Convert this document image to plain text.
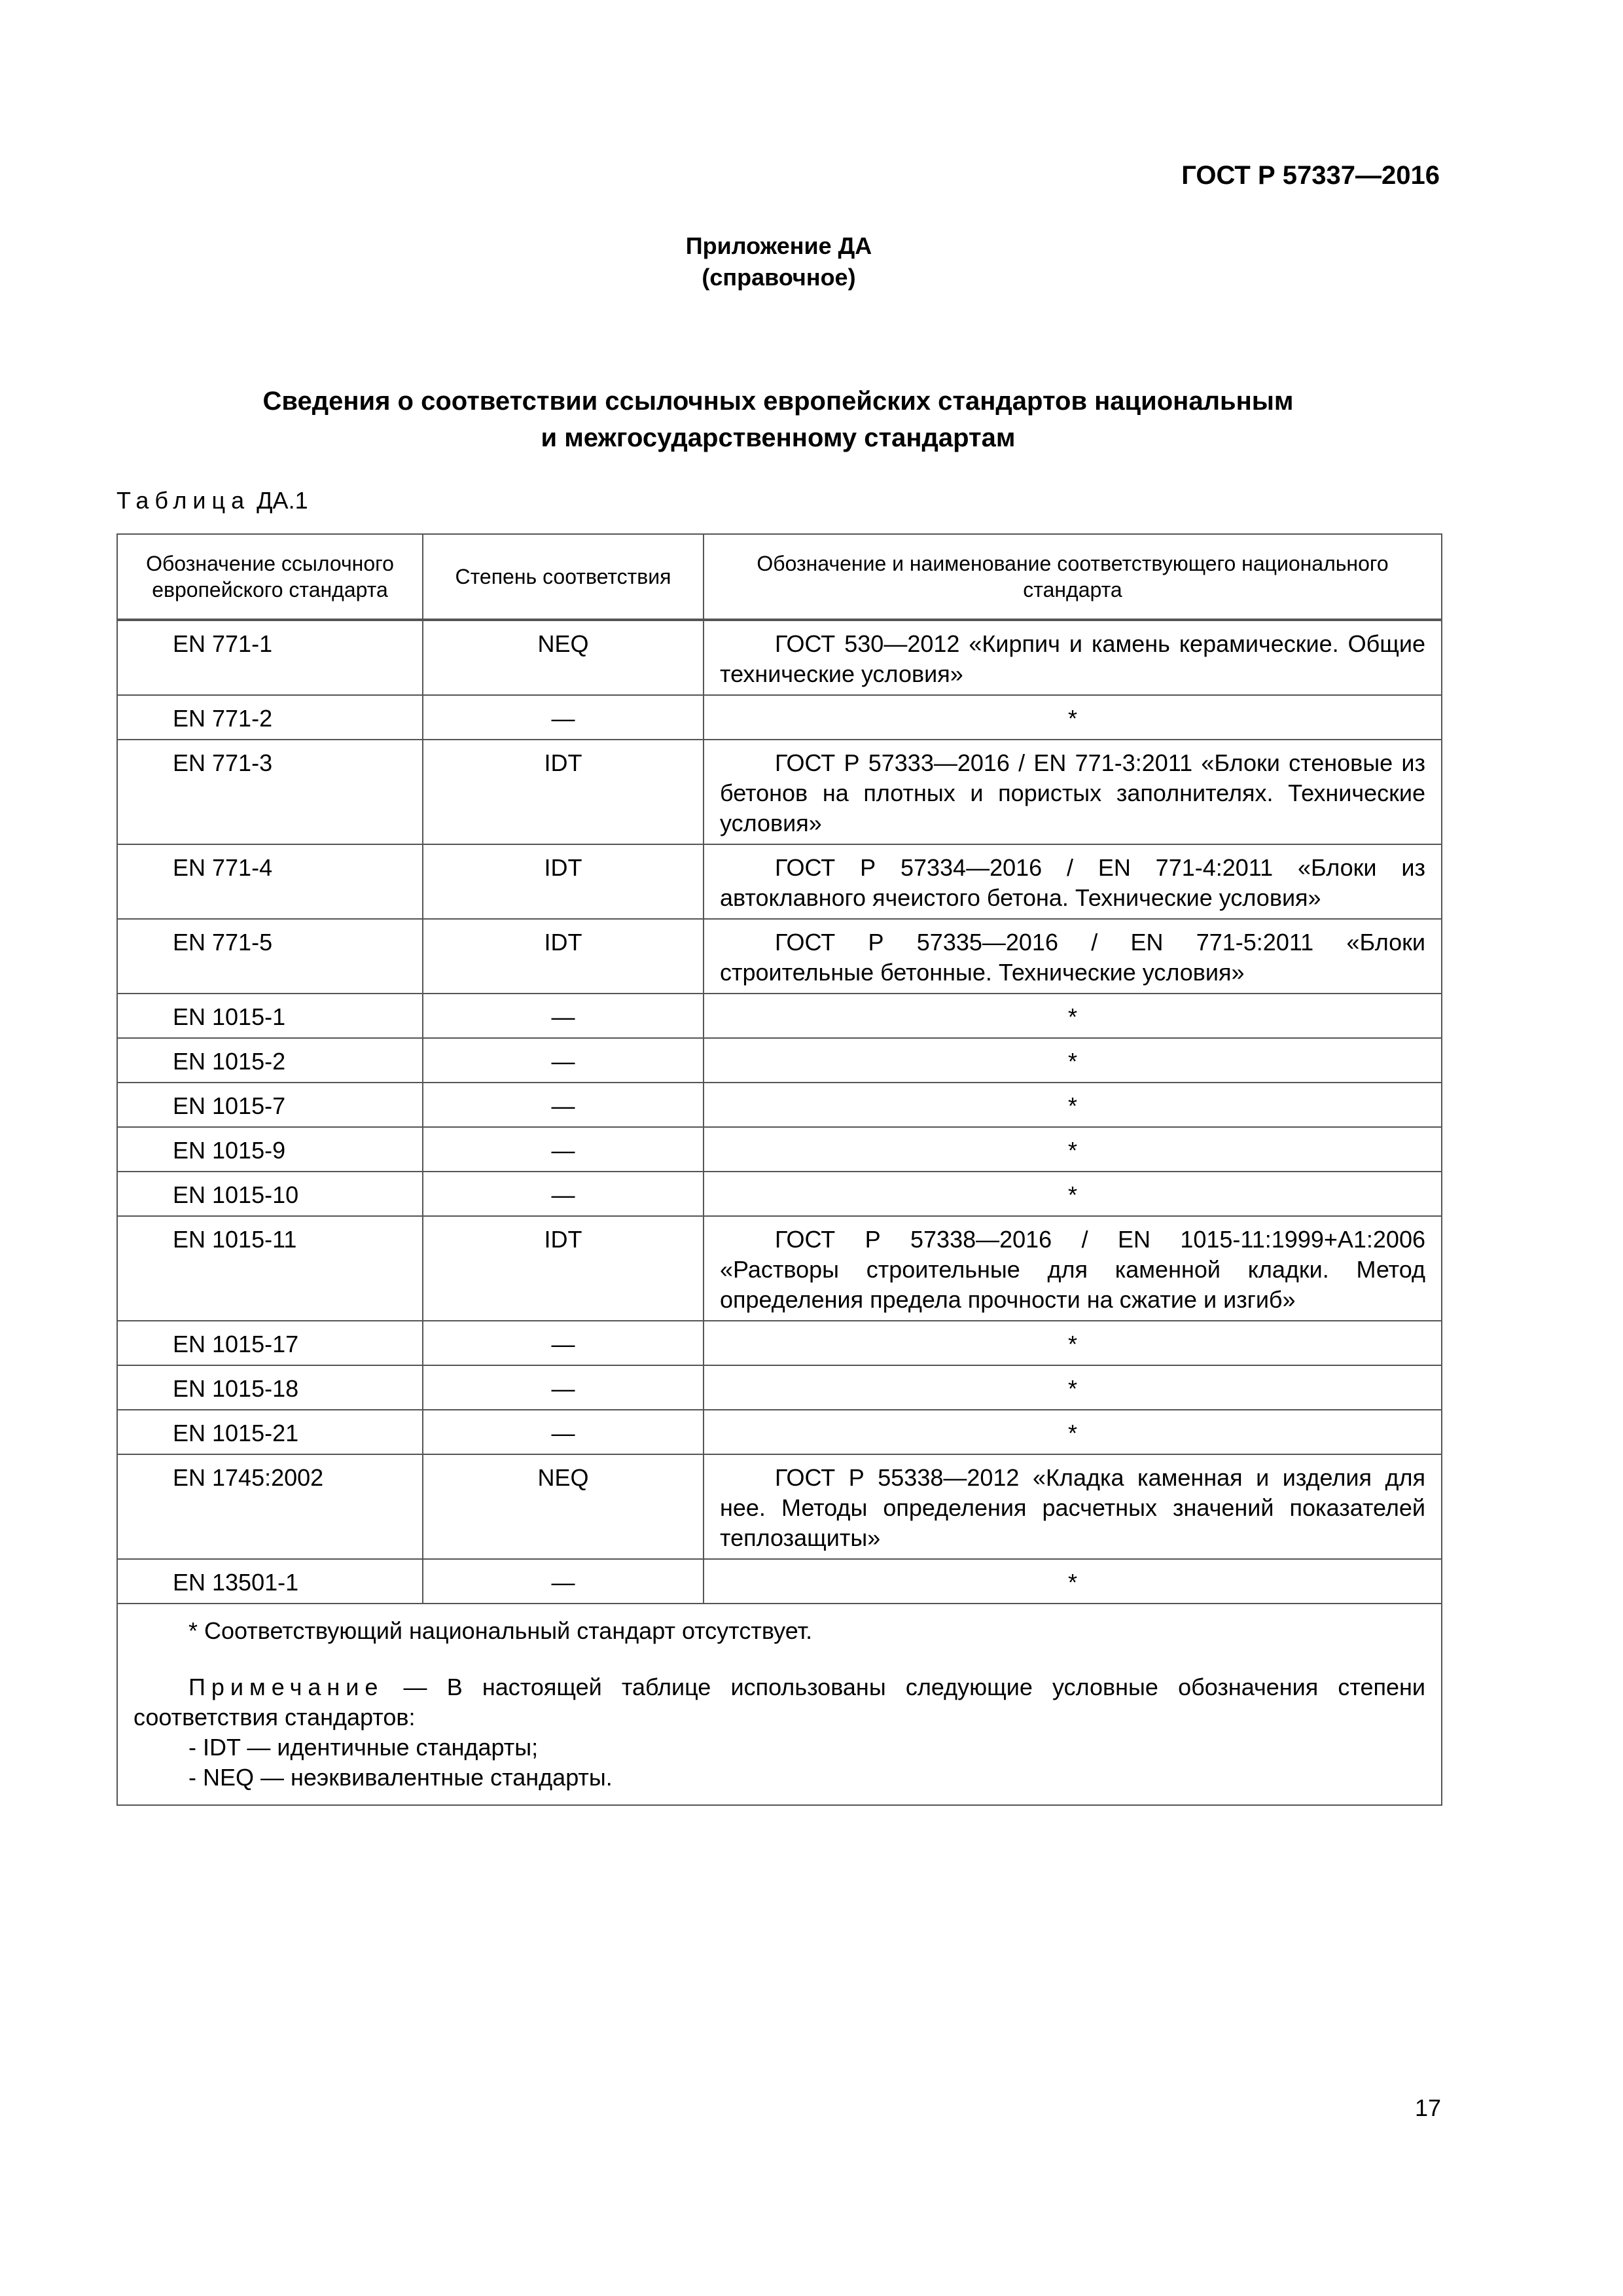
ГОСТ Р 57337—2016
Приложение ДА
(справочное)
Сведения о соответствии ссылочных европейских стандартов национальным
и межгосударственному стандартам
Таблица ДА.1
Обозначение ссылочного европейского стандарта	Степень соответствия	Обозначение и наименование соответствующего национального стандарта
EN 771-1	NEQ	ГОСТ 530—2012 «Кирпич и камень керамические. Общие технические условия»
EN 771-2	—	*
EN 771-3	IDT	ГОСТ Р 57333—2016 / EN 771-3:2011 «Блоки стеновые из бетонов на плотных и пористых заполнителях. Технические условия»
EN 771-4	IDT	ГОСТ Р 57334—2016 / EN 771-4:2011 «Блоки из автоклавного ячеистого бетона. Технические условия»
EN 771-5	IDT	ГОСТ Р 57335—2016 / EN 771-5:2011 «Блоки строительные бетонные. Технические условия»
EN 1015-1	—	*
EN 1015-2	—	*
EN 1015-7	—	*
EN 1015-9	—	*
EN 1015-10	—	*
EN 1015-11	IDT	ГОСТ Р 57338—2016 / EN 1015-11:1999+A1:2006 «Растворы строительные для каменной кладки. Метод определения предела прочности на сжатие и изгиб»
EN 1015-17	—	*
EN 1015-18	—	*
EN 1015-21	—	*
EN 1745:2002	NEQ	ГОСТ Р 55338—2012 «Кладка каменная и изделия для нее. Методы определения расчетных значений показателей теплозащиты»
EN 13501-1	—	*

* Соответствующий национальный стандарт отсутствует.

Примечание — В настоящей таблице использованы следующие условные обозначения степени соответствия стандартов:

- IDT — идентичные стандарты;

- NEQ — неэквивалентные стандарты.		

17
